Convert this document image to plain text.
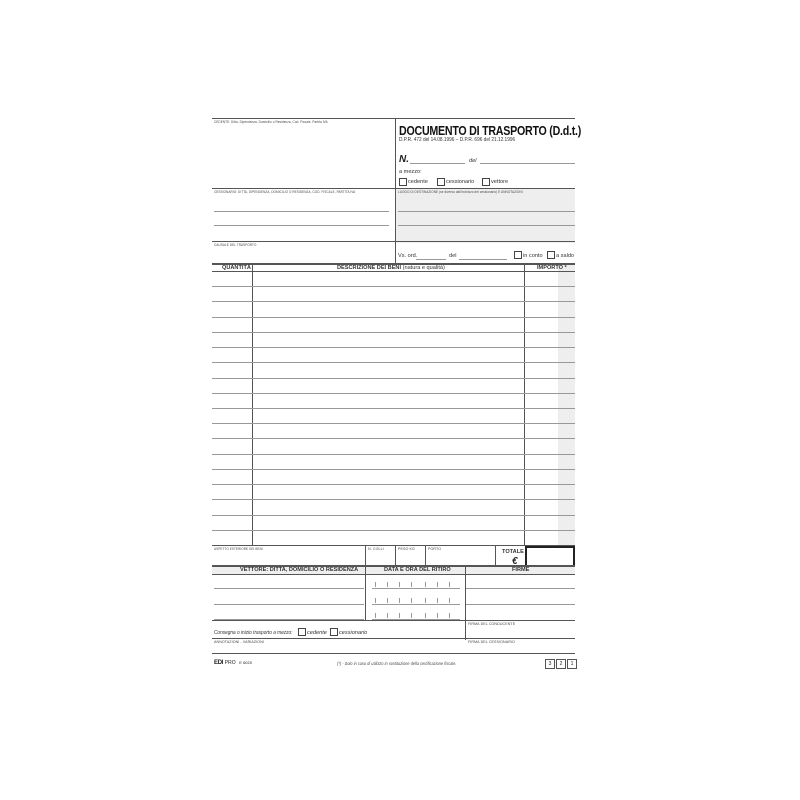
CEDENTE: Ditta, Dipendenza, Domicilio o Residenza, Cod. Fiscale, Partita IVA
DOCUMENTO DI TRASPORTO (D.d.t.)
D.P.R. 472 del 14.08.1996 – D.P.R. 696 del 21.12.1996
N.	del
a mezzo:
cedente	cessionario	vettore
CESSIONARIO: DITTA, DIPENDENZA, DOMICILIO O RESIDENZA, COD. FISCALE, PARTITA IVA	LUOGO DI DESTINAZIONE (se diverso dall'indirizzo del cessionario) E ANNOTAZIONI
CAUSALE DEL TRASPORTO
Vs. ord.	del	in conto a saldo
QUANTITÀ	DESCRIZIONE DEI BENI (natura e qualità)	IMPORTO *
ASPETTO ESTERIORE DEI BENI	N. COLLI	PESO KG	PORTO	TOTALE
€
VETTORE: DITTA, DOMICILIO O RESIDENZA	DATA E ORA DEL RITIRO	FIRME
Consegna o inizio trasporto a mezzo:	cedente cessionario
FIRMA DEL CONDUCENTE
FIRMA DEL CESSIONARIO
ANNOTAZIONI - VARIAZIONI
EDI PRO E 6020	(*) - Solo in caso di utilizzo in sostituzione della certificazione fiscale.	3	2	1
